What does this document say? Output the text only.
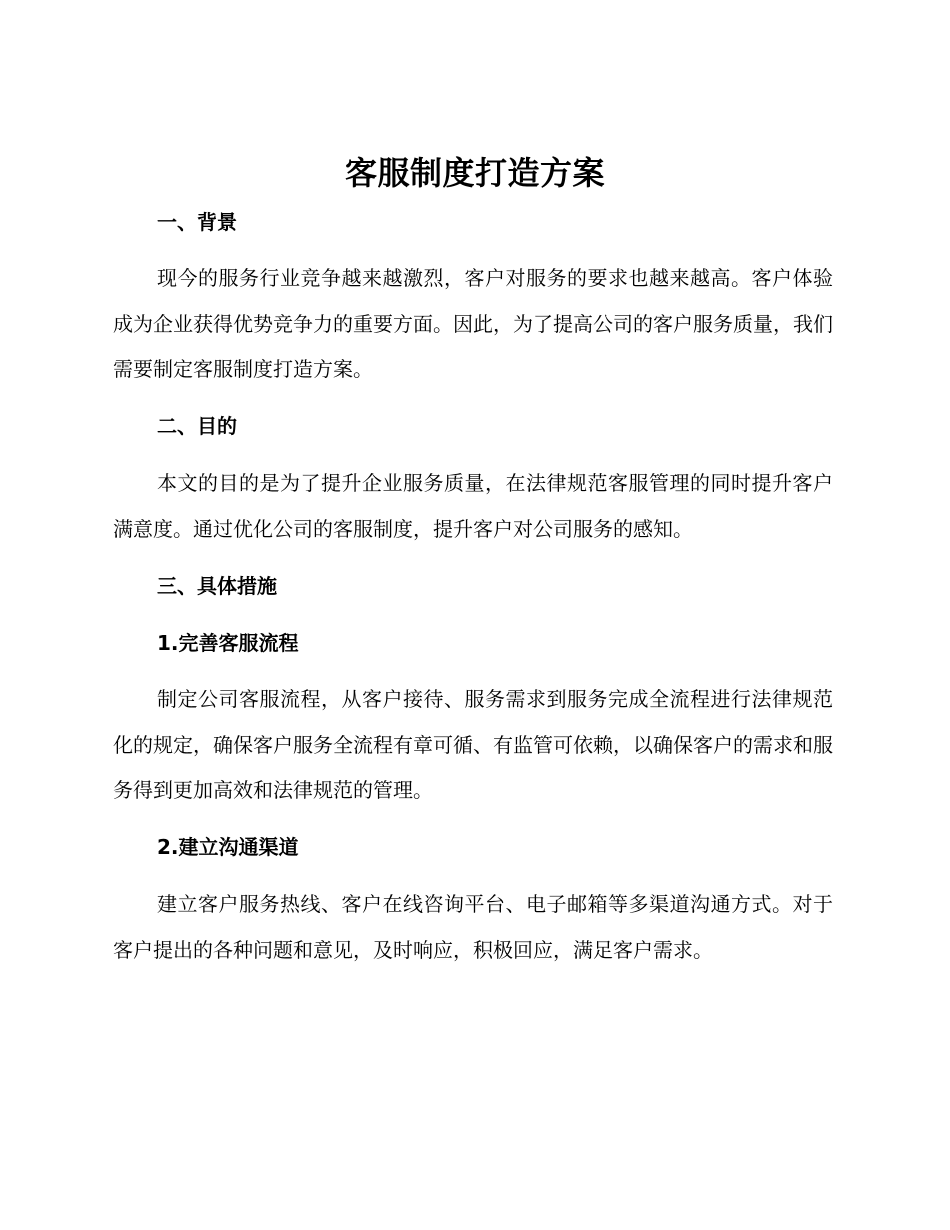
客服制度打造方案
一、背景

现今的服务行业竞争越来越激烈，客户对服务的要求也越来越高。客户体验成为企业获得优势竞争力的重要方面。因此，为了提高公司的客户服务质量，我们需要制定客服制度打造方案。

二、目的

本文的目的是为了提升企业服务质量，在法律规范客服管理的同时提升客户满意度。通过优化公司的客服制度，提升客户对公司服务的感知。

三、具体措施
1.完善客服流程

制定公司客服流程，从客户接待、服务需求到服务完成全流程进行法律规范化的规定，确保客户服务全流程有章可循、有监管可依赖，以确保客户的需求和服务得到更加高效和法律规范的管理。

2.建立沟通渠道

建立客户服务热线、客户在线咨询平台、电子邮箱等多渠道沟通方式。对于客户提出的各种问题和意见，及时响应，积极回应，满足客户需求。
